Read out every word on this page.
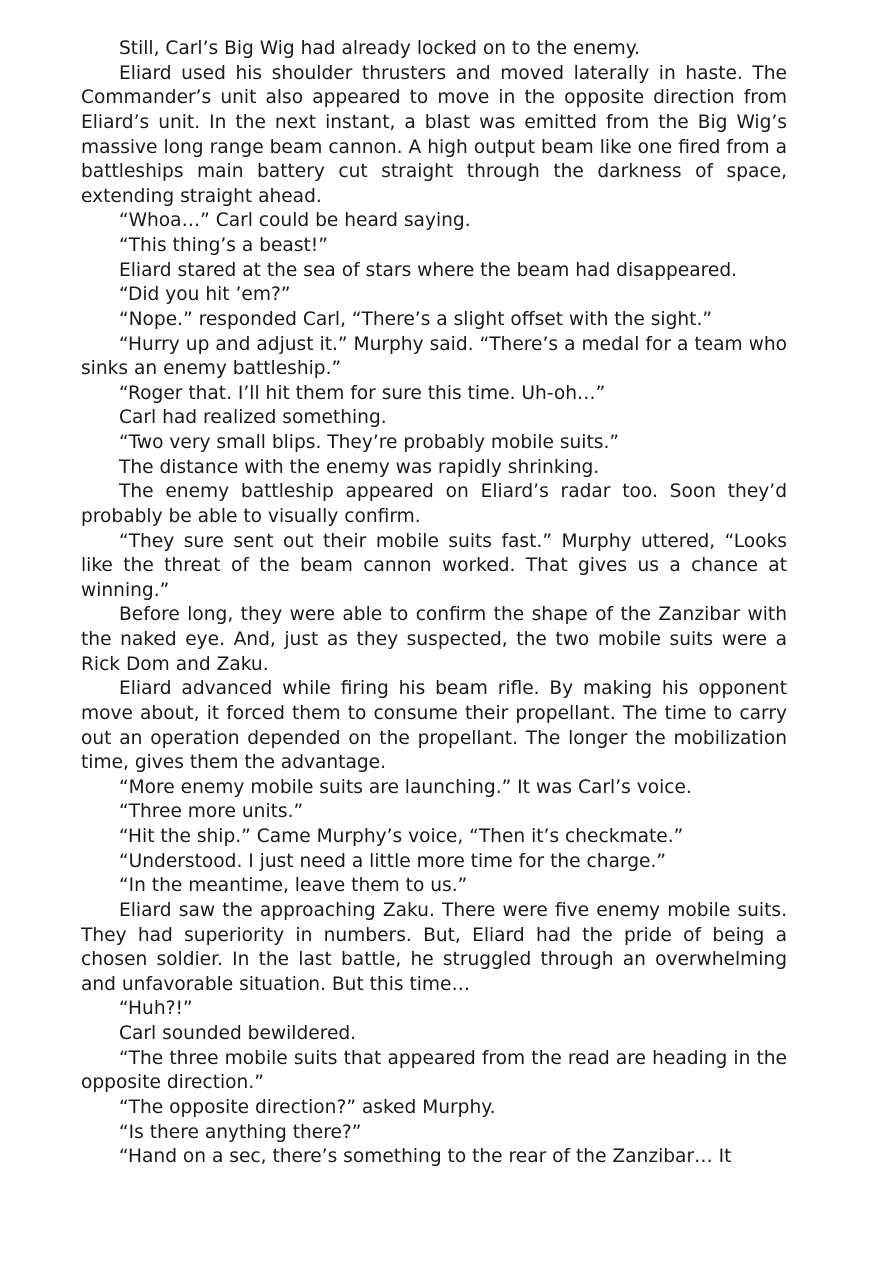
Still, Carl’s Big Wig had already locked on to the enemy.

Eliard used his shoulder thrusters and moved laterally in haste. The Commander’s unit also appeared to move in the opposite direction from Eliard’s unit. In the next instant, a blast was emitted from the Big Wig’s massive long range beam cannon. A high output beam like one fired from a battleships main battery cut straight through the darkness of space, extending straight ahead.

“Whoa…” Carl could be heard saying.

“This thing’s a beast!”

Eliard stared at the sea of stars where the beam had disappeared.

“Did you hit ’em?”

“Nope.” responded Carl, “There’s a slight offset with the sight.”

“Hurry up and adjust it.” Murphy said. “There’s a medal for a team who sinks an enemy battleship.”

“Roger that. I’ll hit them for sure this time. Uh-oh…”

Carl had realized something.

“Two very small blips. They’re probably mobile suits.”

The distance with the enemy was rapidly shrinking.

The enemy battleship appeared on Eliard’s radar too. Soon they’d probably be able to visually confirm.

“They sure sent out their mobile suits fast.” Murphy uttered, “Looks like the threat of the beam cannon worked. That gives us a chance at winning.”

Before long, they were able to confirm the shape of the Zanzibar with the naked eye. And, just as they suspected, the two mobile suits were a Rick Dom and Zaku.

Eliard advanced while firing his beam rifle. By making his opponent move about, it forced them to consume their propellant. The time to carry out an operation depended on the propellant. The longer the mobilization time, gives them the advantage.

“More enemy mobile suits are launching.” It was Carl’s voice.

“Three more units.”

“Hit the ship.” Came Murphy’s voice, “Then it’s checkmate.”

“Understood. I just need a little more time for the charge.”

“In the meantime, leave them to us.”

Eliard saw the approaching Zaku. There were five enemy mobile suits. They had superiority in numbers. But, Eliard had the pride of being a chosen soldier. In the last battle, he struggled through an overwhelming and unfavorable situation. But this time…

“Huh?!”

Carl sounded bewildered.

“The three mobile suits that appeared from the read are heading in the opposite direction.”

“The opposite direction?” asked Murphy.

“Is there anything there?”

“Hand on a sec, there’s something to the rear of the Zanzibar… It
